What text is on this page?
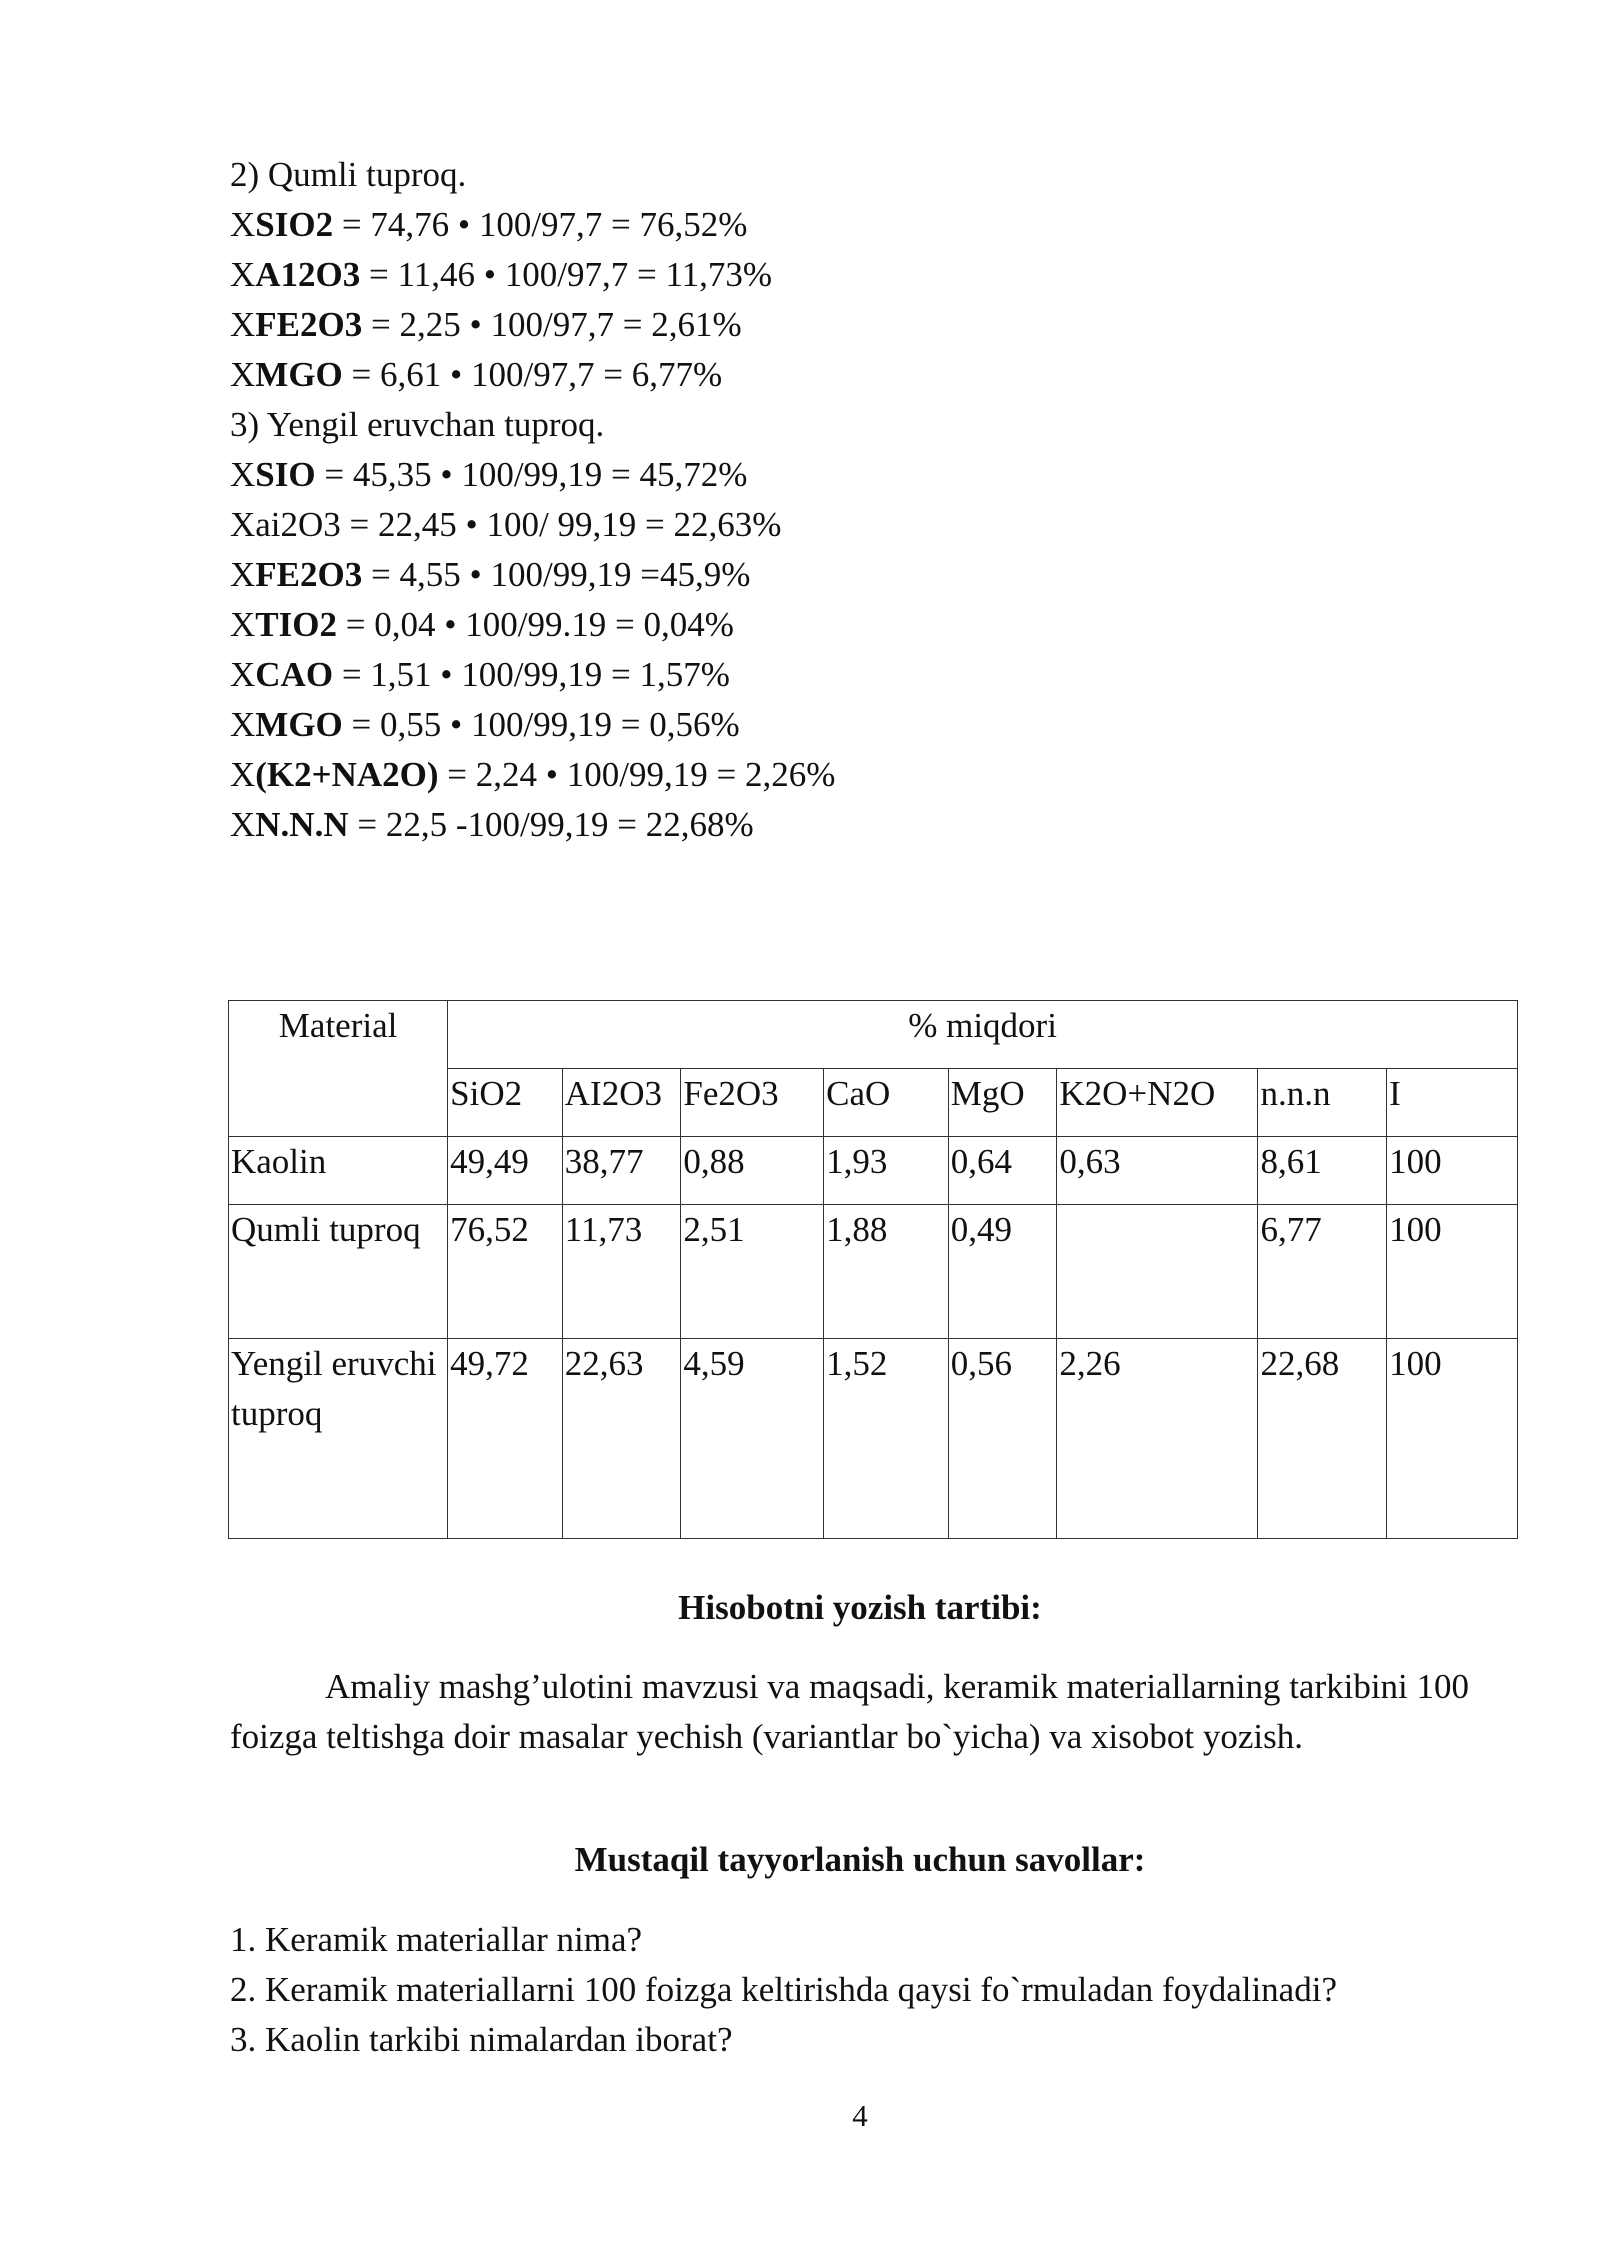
2) Qumli tuproq.
XSIO2 = 74,76 • 100/97,7 = 76,52%
XA12O3 = 11,46 • 100/97,7 = 11,73%
XFE2O3 = 2,25 • 100/97,7 = 2,61%
XMGO = 6,61 • 100/97,7 = 6,77%
3) Yengil eruvchan tuproq.
XSIO = 45,35 • 100/99,19 = 45,72%
Xai2O3 = 22,45 • 100/ 99,19 = 22,63%
XFE2O3 = 4,55 • 100/99,19 =45,9%
XTIO2 = 0,04 • 100/99.19 = 0,04%
XCAO = 1,51 • 100/99,19 = 1,57%
XMGO = 0,55 • 100/99,19 = 0,56%
X(K2+NA2O) = 2,24 • 100/99,19 = 2,26%
XN.N.N = 22,5 -100/99,19 = 22,68%
Material	% miqdori							
	SiO2	AI2O3	Fe2O3	CaO	MgO	K2O+N2O	n.n.n	I
Kaolin	49,49	38,77	0,88	1,93	0,64	0,63	8,61	100
Qumli tuproq	76,52	11,73	2,51	1,88	0,49		6,77	100
Yengil eruvchi tuproq	49,72	22,63	4,59	1,52	0,56	2,26	22,68	100
Hisobotni yozish tartibi:
Amaliy mashg’ulotini mavzusi va maqsadi, keramik materiallarning tarkibini 100 foizga teltishga doir masalar yechish (variantlar bo`yicha) va xisobot yozish.
Mustaqil tayyorlanish uchun savollar:
1. Keramik materiallar nima?
2. Keramik materiallarni 100 foizga keltirishda qaysi fo`rmuladan foydalinadi?
3. Kaolin tarkibi nimalardan iborat?
4
